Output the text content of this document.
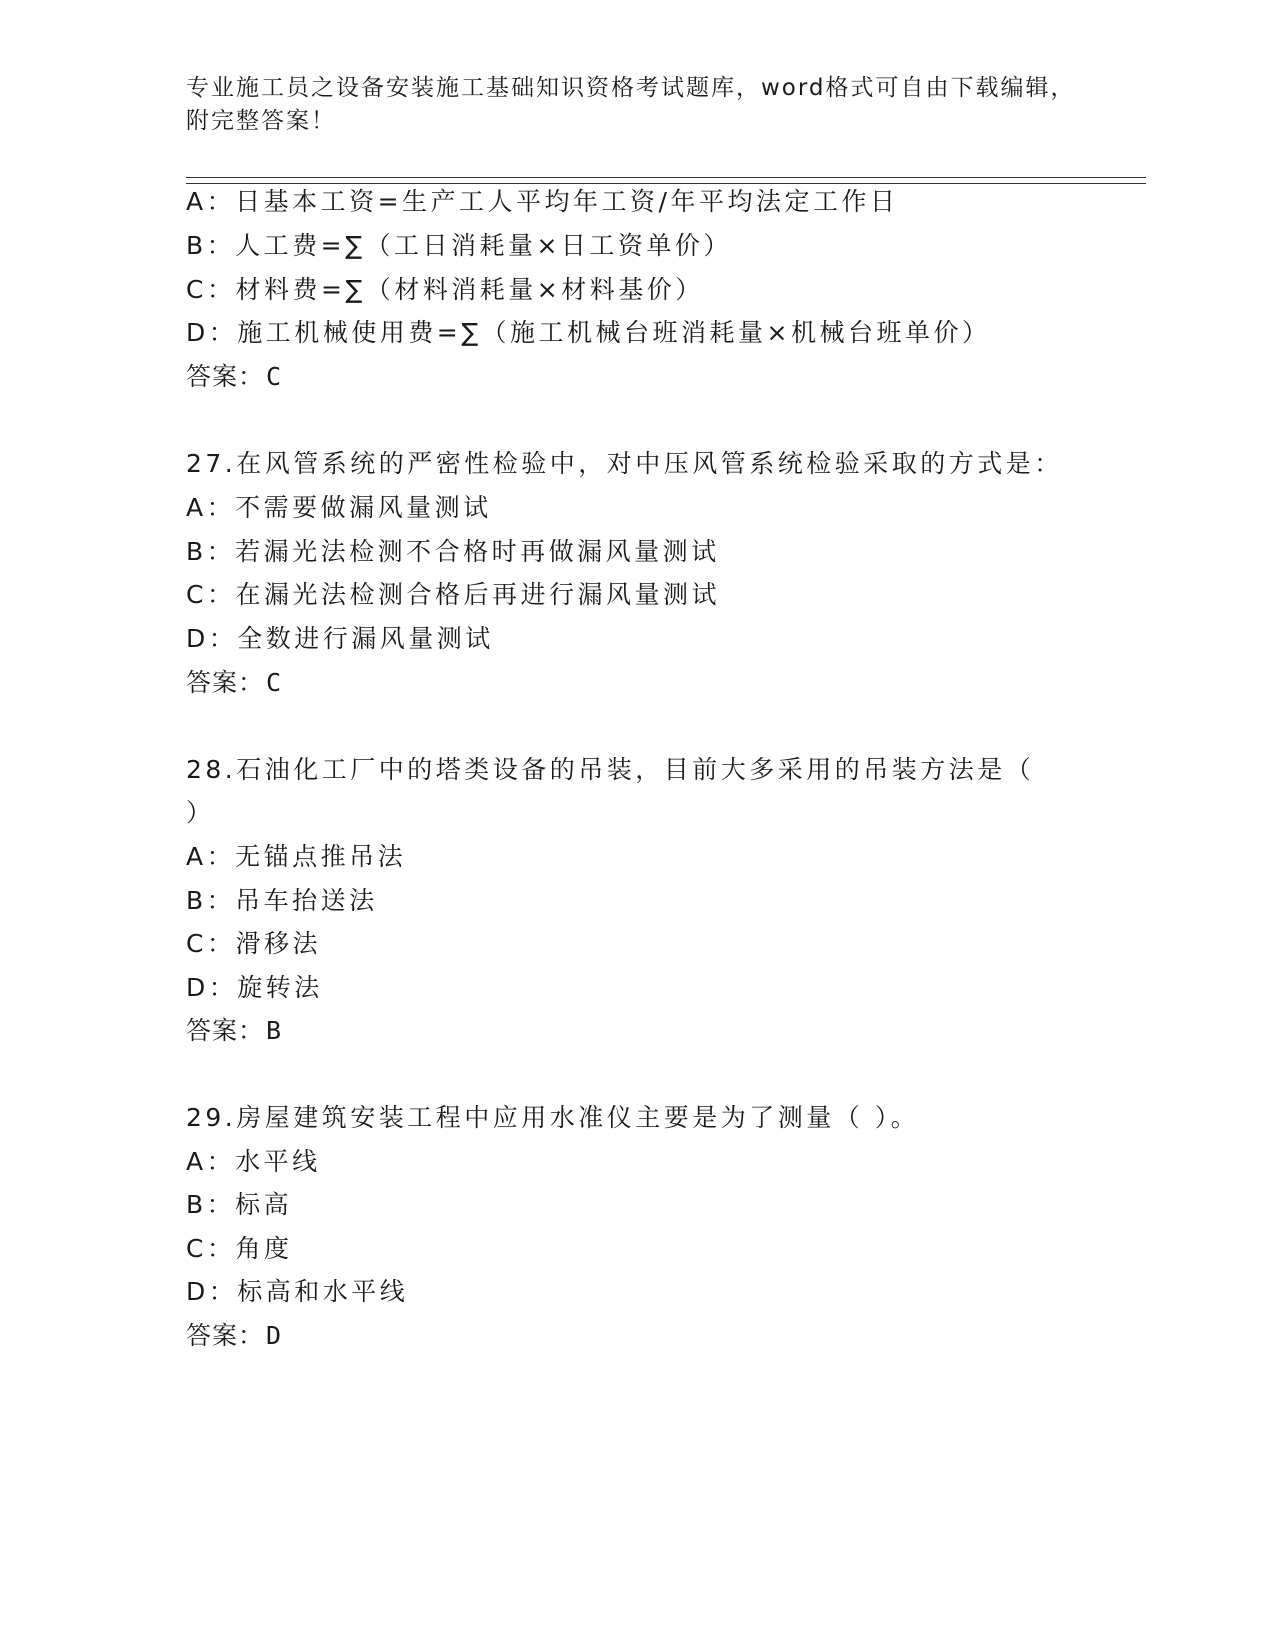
专业施工员之设备安装施工基础知识资格考试题库，word格式可自由下载编辑，
附完整答案！
A：日基本工资=生产工人平均年工资/年平均法定工作日
B：人工费=∑（工日消耗量×日工资单价）
C：材料费=∑（材料消耗量×材料基价）
D：施工机械使用费=∑（施工机械台班消耗量×机械台班单价）
答案：C
27.在风管系统的严密性检验中，对中压风管系统检验采取的方式是：
A：不需要做漏风量测试
B：若漏光法检测不合格时再做漏风量测试
C：在漏光法检测合格后再进行漏风量测试
D：全数进行漏风量测试
答案：C
28.石油化工厂中的塔类设备的吊装，目前大多采用的吊装方法是（
）
A：无锚点推吊法
B：吊车抬送法
C：滑移法
D：旋转法
答案：B
29.房屋建筑安装工程中应用水准仪主要是为了测量（ ）。
A：水平线
B：标高
C：角度
D：标高和水平线
答案：D
